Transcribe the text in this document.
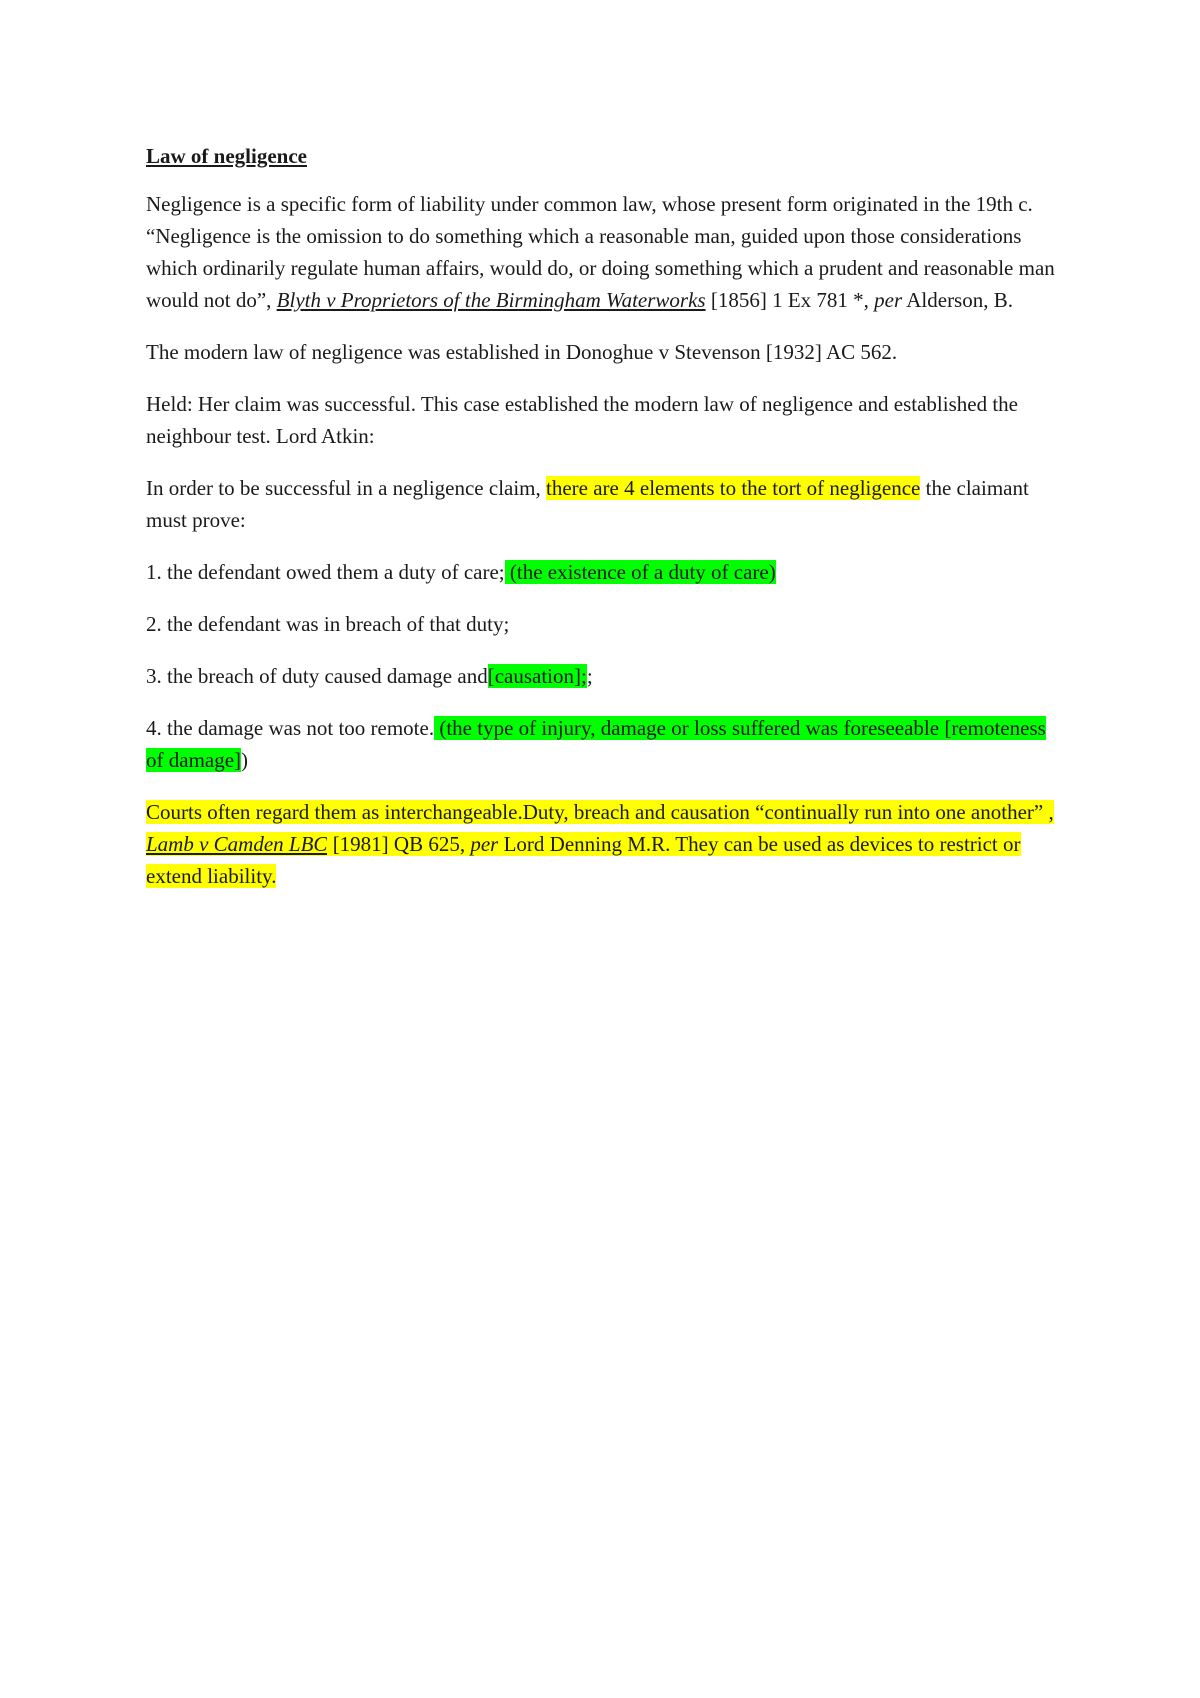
Law of negligence

Negligence is a specific form of liability under common law, whose present form originated in the 19th c. “Negligence is the omission to do something which a reasonable man, guided upon those considerations which ordinarily regulate human affairs, would do, or doing something which a prudent and reasonable man would not do”, Blyth v Proprietors of the Birmingham Waterworks [1856] 1 Ex 781 *, per Alderson, B.

The modern law of negligence was established in Donoghue v Stevenson [1932] AC 562.

Held: Her claim was successful. This case established the modern law of negligence and established the neighbour test. Lord Atkin:

In order to be successful in a negligence claim, there are 4 elements to the tort of negligence the claimant must prove:

1. the defendant owed them a duty of care; (the existence of a duty of care)

2. the defendant was in breach of that duty;

3. the breach of duty caused damage and[causation];;

4. the damage was not too remote. (the type of injury, damage or loss suffered was foreseeable [remoteness of damage])

Courts often regard them as interchangeable.Duty, breach and causation “continually run into one another” , Lamb v Camden LBC [1981] QB 625, per Lord Denning M.R. They can be used as devices to restrict or extend liability.
